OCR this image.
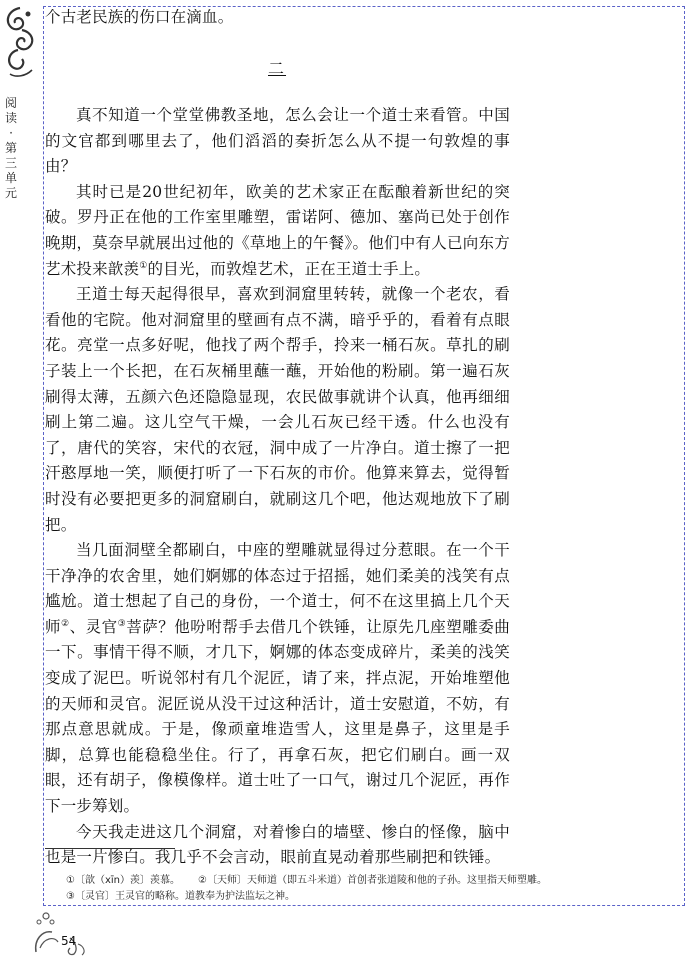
阅
读
·
第
三
单
元

个古老民族的伤口在滴血。

二

真不知道一个堂堂佛教圣地，怎么会让一个道士来看管。中国的文官都到哪里去了，他们滔滔的奏折怎么从不提一句敦煌的事由？

其时已是20世纪初年，欧美的艺术家正在酝酿着新世纪的突破。罗丹正在他的工作室里雕塑，雷诺阿、德加、塞尚已处于创作晚期，莫奈早就展出过他的《草地上的午餐》。他们中有人已向东方艺术投来歆羡①的目光，而敦煌艺术，正在王道士手上。

王道士每天起得很早，喜欢到洞窟里转转，就像一个老农，看看他的宅院。他对洞窟里的壁画有点不满，暗乎乎的，看着有点眼花。亮堂一点多好呢，他找了两个帮手，拎来一桶石灰。草扎的刷子装上一个长把，在石灰桶里蘸一蘸，开始他的粉刷。第一遍石灰刷得太薄，五颜六色还隐隐显现，农民做事就讲个认真，他再细细刷上第二遍。这儿空气干燥，一会儿石灰已经干透。什么也没有了，唐代的笑容，宋代的衣冠，洞中成了一片净白。道士擦了一把汗憨厚地一笑，顺便打听了一下石灰的市价。他算来算去，觉得暂时没有必要把更多的洞窟刷白，就刷这几个吧，他达观地放下了刷把。

当几面洞壁全都刷白，中座的塑雕就显得过分惹眼。在一个干干净净的农舍里，她们婀娜的体态过于招摇，她们柔美的浅笑有点尴尬。道士想起了自己的身份，一个道士，何不在这里搞上几个天师②、灵官③菩萨？他吩咐帮手去借几个铁锤，让原先几座塑雕委曲一下。事情干得不顺，才几下，婀娜的体态变成碎片，柔美的浅笑变成了泥巴。听说邻村有几个泥匠，请了来，拌点泥，开始堆塑他的天师和灵官。泥匠说从没干过这种活计，道士安慰道，不妨，有那点意思就成。于是，像顽童堆造雪人，这里是鼻子，这里是手脚，总算也能稳稳坐住。行了，再拿石灰，把它们刷白。画一双眼，还有胡子，像模像样。道士吐了一口气，谢过几个泥匠，再作下一步筹划。

今天我走进这几个洞窟，对着惨白的墙壁、惨白的怪像，脑中也是一片惨白。我几乎不会言动，眼前直晃动着那些刷把和铁锤。

①〔歆（xīn）羡〕羡慕。 ②〔天师〕天师道（即五斗米道）首创者张道陵和他的子孙。这里指天师塑雕。
③〔灵官〕王灵官的略称。道教奉为护法监坛之神。
54
